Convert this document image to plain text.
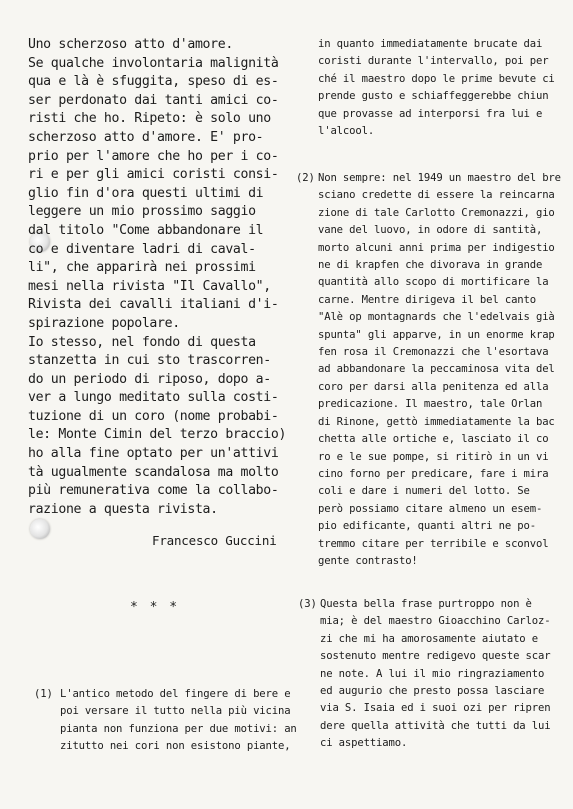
Uno scherzoso atto d'amore.
Se qualche involontaria malignità
qua e là è sfuggita, speso di es-
ser perdonato dai tanti amici co-
risti che ho. Ripeto: è solo uno
scherzoso atto d'amore. E' pro-
prio per l'amore che ho per i co-
ri e per gli amici coristi consi-
glio fin d'ora questi ultimi di
leggere un mio prossimo saggio
dal titolo "Come abbandonare il
co e diventare ladri di caval-
li", che apparirà nei prossimi
mesi nella rivista "Il Cavallo",
Rivista dei cavalli italiani d'i-
spirazione popolare.
Io stesso, nel fondo di questa
stanzetta in cui sto trascorren-
do un periodo di riposo, dopo a-
ver a lungo meditato sulla costi-
tuzione di un coro (nome probabi-
le: Monte Cimin del terzo braccio)
ho alla fine optato per un'attivi
tà ugualmente scandalosa ma molto
più remunerativa come la collabo-
razione a questa rivista.
Francesco Guccini
* * *
(1) L'antico metodo del fingere di bere e
poi versare il tutto nella più vicina
pianta non funziona per due motivi: an
zitutto nei cori non esistono piante,
in quanto immediatamente brucate dai
coristi durante l'intervallo, poi per
ché il maestro dopo le prime bevute ci
prende gusto e schiaffeggerebbe chiun
que provasse ad interporsi fra lui e
l'alcool.
(2) Non sempre: nel 1949 un maestro del bre
sciano credette di essere la reincarna
zione di tale Carlotto Cremonazzi, gio
vane del luovo, in odore di santità,
morto alcuni anni prima per indigestio
ne di krapfen che divorava in grande
quantità allo scopo di mortificare la
carne. Mentre dirigeva il bel canto
"Alè op montagnards che l'edelvais già
spunta" gli apparve, in un enorme krap
fen rosa il Cremonazzi che l'esortava
ad abbandonare la peccaminosa vita del
coro per darsi alla penitenza ed alla
predicazione. Il maestro, tale Orlan
di Rinone, gettò immediatamente la bac
chetta alle ortiche e, lasciato il co
ro e le sue pompe, si ritirò in un vi
cino forno per predicare, fare i mira
coli e dare i numeri del lotto. Se
però possiamo citare almeno un esem-
pio edificante, quanti altri ne po-
tremmo citare per terribile e sconvol
gente contrasto!
(3) Questa bella frase purtroppo non è
mia; è del maestro Gioacchino Carloz-
zi che mi ha amorosamente aiutato e
sostenuto mentre redigevo queste scar
ne note. A lui il mio ringraziamento
ed augurio che presto possa lasciare
via S. Isaia ed i suoi ozi per ripren
dere quella attività che tutti da lui
ci aspettiamo.
